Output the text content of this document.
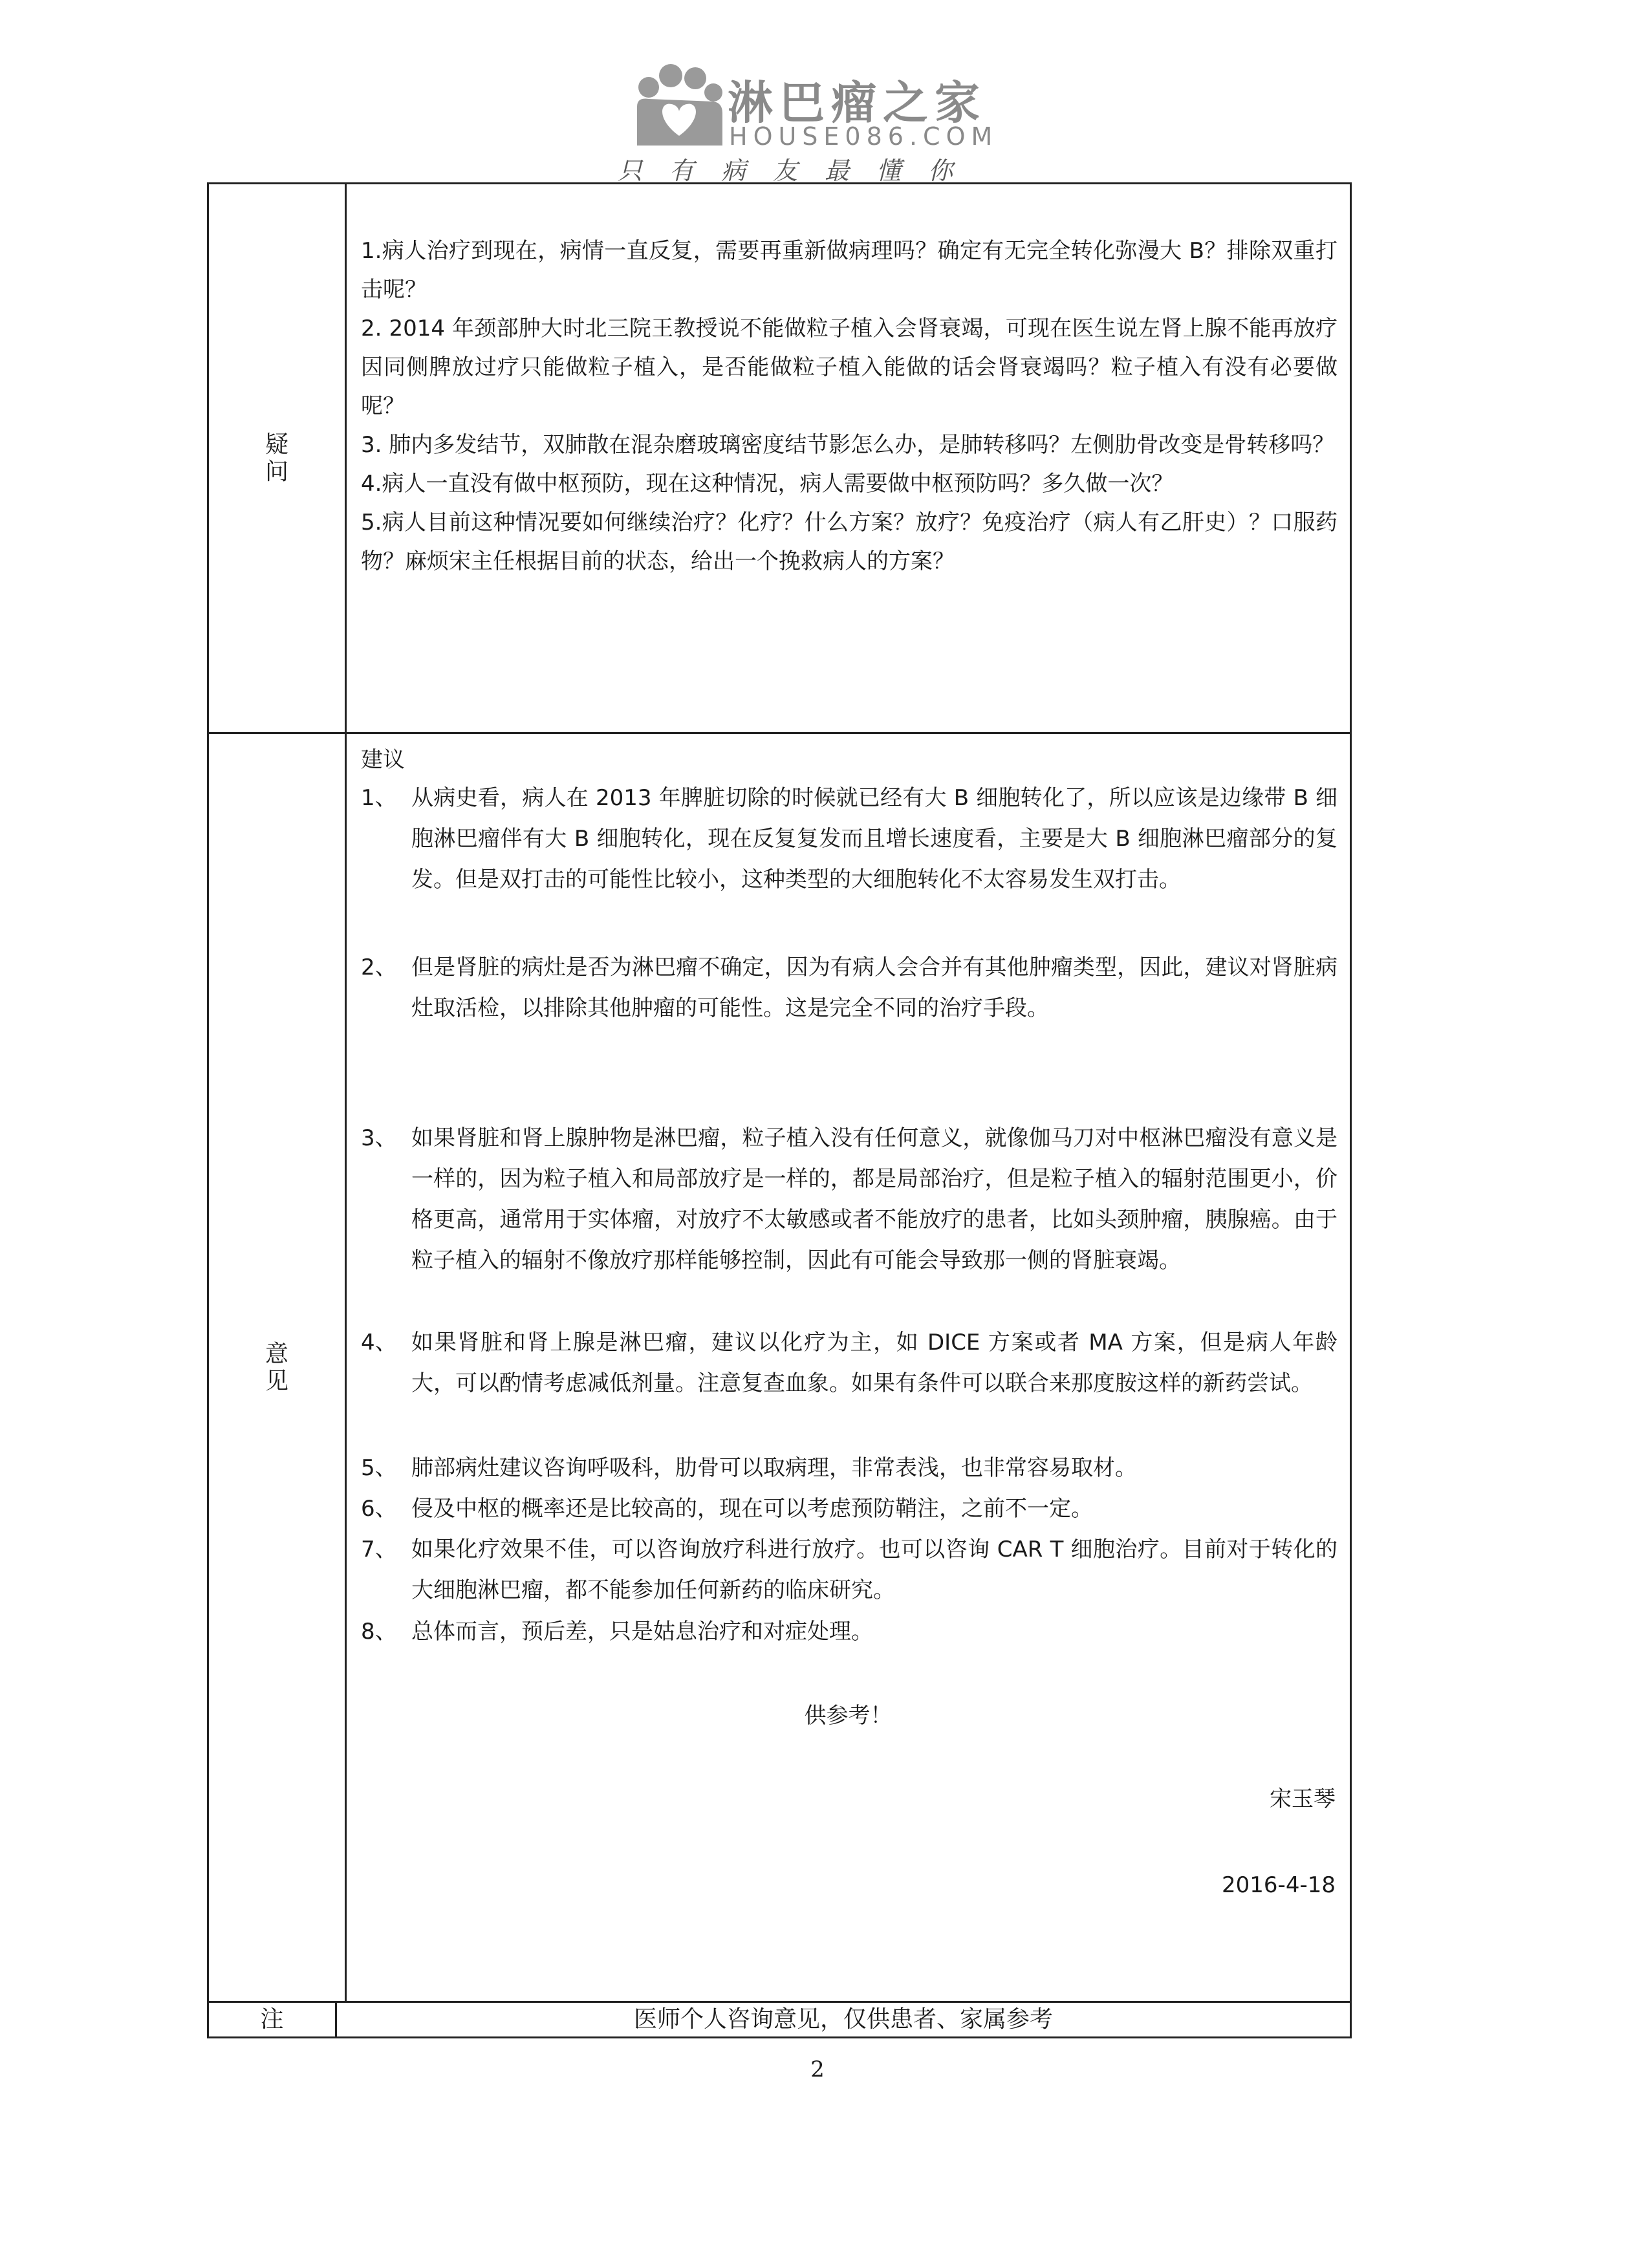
淋巴瘤之家
HOUSE086.COM
只有病友最懂你
疑问

1.病人治疗到现在，病情一直反复，需要再重新做病理吗？确定有无完全转化弥漫大 B？排除双重打击呢？

2. 2014 年颈部肿大时北三院王教授说不能做粒子植入会肾衰竭，可现在医生说左肾上腺不能再放疗因同侧脾放过疗只能做粒子植入，是否能做粒子植入能做的话会肾衰竭吗？粒子植入有没有必要做呢？

3. 肺内多发结节，双肺散在混杂磨玻璃密度结节影怎么办，是肺转移吗？左侧肋骨改变是骨转移吗？

4.病人一直没有做中枢预防，现在这种情况，病人需要做中枢预防吗？多久做一次？

5.病人目前这种情况要如何继续治疗？化疗？什么方案？放疗？免疫治疗（病人有乙肝史）？口服药物？麻烦宋主任根据目前的状态，给出一个挽救病人的方案？

意见
建议
1、 从病史看，病人在 2013 年脾脏切除的时候就已经有大 B 细胞转化了，所以应该是边缘带 B 细胞淋巴瘤伴有大 B 细胞转化，现在反复复发而且增长速度看，主要是大 B 细胞淋巴瘤部分的复发。但是双打击的可能性比较小，这种类型的大细胞转化不太容易发生双打击。
2、 但是肾脏的病灶是否为淋巴瘤不确定，因为有病人会合并有其他肿瘤类型，因此，建议对肾脏病灶取活检，以排除其他肿瘤的可能性。这是完全不同的治疗手段。
3、 如果肾脏和肾上腺肿物是淋巴瘤，粒子植入没有任何意义，就像伽马刀对中枢淋巴瘤没有意义是一样的，因为粒子植入和局部放疗是一样的，都是局部治疗，但是粒子植入的辐射范围更小，价格更高，通常用于实体瘤，对放疗不太敏感或者不能放疗的患者，比如头颈肿瘤，胰腺癌。由于粒子植入的辐射不像放疗那样能够控制，因此有可能会导致那一侧的肾脏衰竭。
4、 如果肾脏和肾上腺是淋巴瘤，建议以化疗为主，如 DICE 方案或者 MA 方案，但是病人年龄大，可以酌情考虑减低剂量。注意复查血象。如果有条件可以联合来那度胺这样的新药尝试。
5、 肺部病灶建议咨询呼吸科，肋骨可以取病理，非常表浅，也非常容易取材。
6、 侵及中枢的概率还是比较高的，现在可以考虑预防鞘注，之前不一定。
7、 如果化疗效果不佳，可以咨询放疗科进行放疗。也可以咨询 CAR T 细胞治疗。目前对于转化的大细胞淋巴瘤，都不能参加任何新药的临床研究。
8、 总体而言，预后差，只是姑息治疗和对症处理。
供参考！
宋玉琴
2016-4-18
注	医师个人咨询意见，仅供患者、家属参考
2
